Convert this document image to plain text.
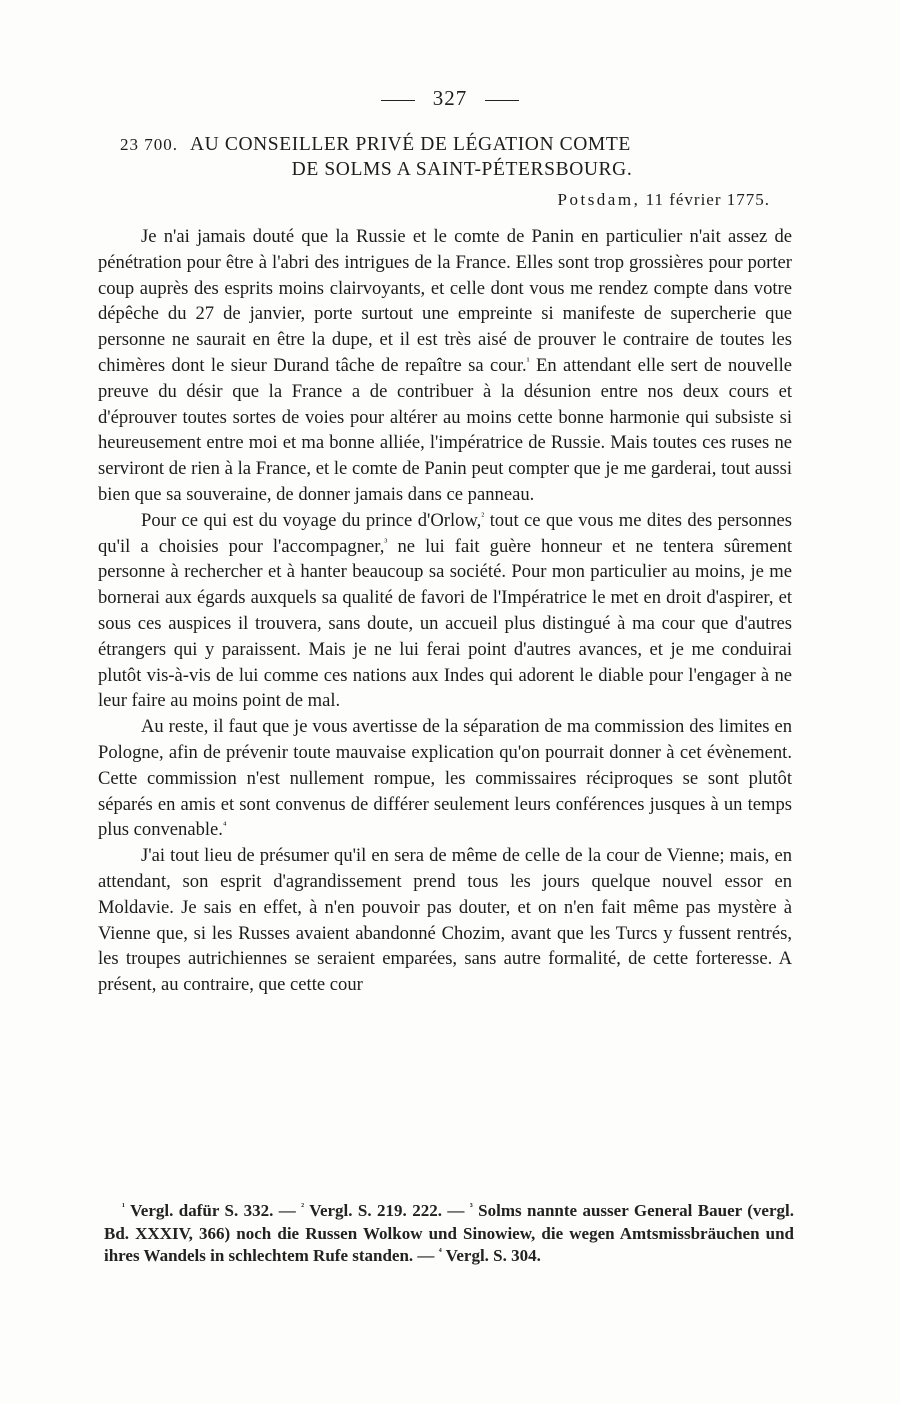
327
23 700. AU CONSEILLER PRIVÉ DE LÉGATION COMTE
DE SOLMS A SAINT-PÉTERSBOURG.
Potsdam, 11 février 1775.

Je n'ai jamais douté que la Russie et le comte de Panin en particulier n'ait assez de pénétration pour être à l'abri des intrigues de la France. Elles sont trop grossières pour porter coup auprès des esprits moins clairvoyants, et celle dont vous me rendez compte dans votre dépêche du 27 de janvier, porte surtout une empreinte si manifeste de supercherie que personne ne saurait en être la dupe, et il est très aisé de prouver le contraire de toutes les chimères dont le sieur Durand tâche de repaître sa cour.$^{^1}$ En attendant elle sert de nouvelle preuve du désir que la France a de contribuer à la désunion entre nos deux cours et d'éprouver toutes sortes de voies pour altérer au moins cette bonne harmonie qui subsiste si heureusement entre moi et ma bonne alliée, l'impératrice de Russie. Mais toutes ces ruses ne serviront de rien à la France, et le comte de Panin peut compter que je me garderai, tout aussi bien que sa souveraine, de donner jamais dans ce panneau.

Pour ce qui est du voyage du prince d'Orlow,$^{^2}$ tout ce que vous me dites des personnes qu'il a choisies pour l'accompagner,$^{^3}$ ne lui fait guère honneur et ne tentera sûrement personne à rechercher et à hanter beaucoup sa société. Pour mon particulier au moins, je me bornerai aux égards auxquels sa qualité de favori de l'Impératrice le met en droit d'aspirer, et sous ces auspices il trouvera, sans doute, un accueil plus distingué à ma cour que d'autres étrangers qui y paraissent. Mais je ne lui ferai point d'autres avances, et je me conduirai plutôt vis-à-vis de lui comme ces nations aux Indes qui adorent le diable pour l'engager à ne leur faire au moins point de mal.

Au reste, il faut que je vous avertisse de la séparation de ma commission des limites en Pologne, afin de prévenir toute mauvaise explication qu'on pourrait donner à cet évènement. Cette commission n'est nullement rompue, les commissaires réciproques se sont plutôt séparés en amis et sont convenus de différer seulement leurs conférences jusques à un temps plus convenable.$^{^4}$

J'ai tout lieu de présumer qu'il en sera de même de celle de la cour de Vienne; mais, en attendant, son esprit d'agrandissement prend tous les jours quelque nouvel essor en Moldavie. Je sais en effet, à n'en pouvoir pas douter, et on n'en fait même pas mystère à Vienne que, si les Russes avaient abandonné Chozim, avant que les Turcs y fussent rentrés, les troupes autrichiennes se seraient emparées, sans autre formalité, de cette forteresse. A présent, au contraire, que cette cour

$^{^1}$ Vergl. dafür S. 332. — $^{^2}$ Vergl. S. 219. 222. — $^{^3}$ Solms nannte ausser General Bauer (vergl. Bd. XXXIV, 366) noch die Russen Wolkow und Sinowiew, die wegen Amtsmissbräuchen und ihres Wandels in schlechtem Rufe standen. — $^{^4}$ Vergl. S. 304.
